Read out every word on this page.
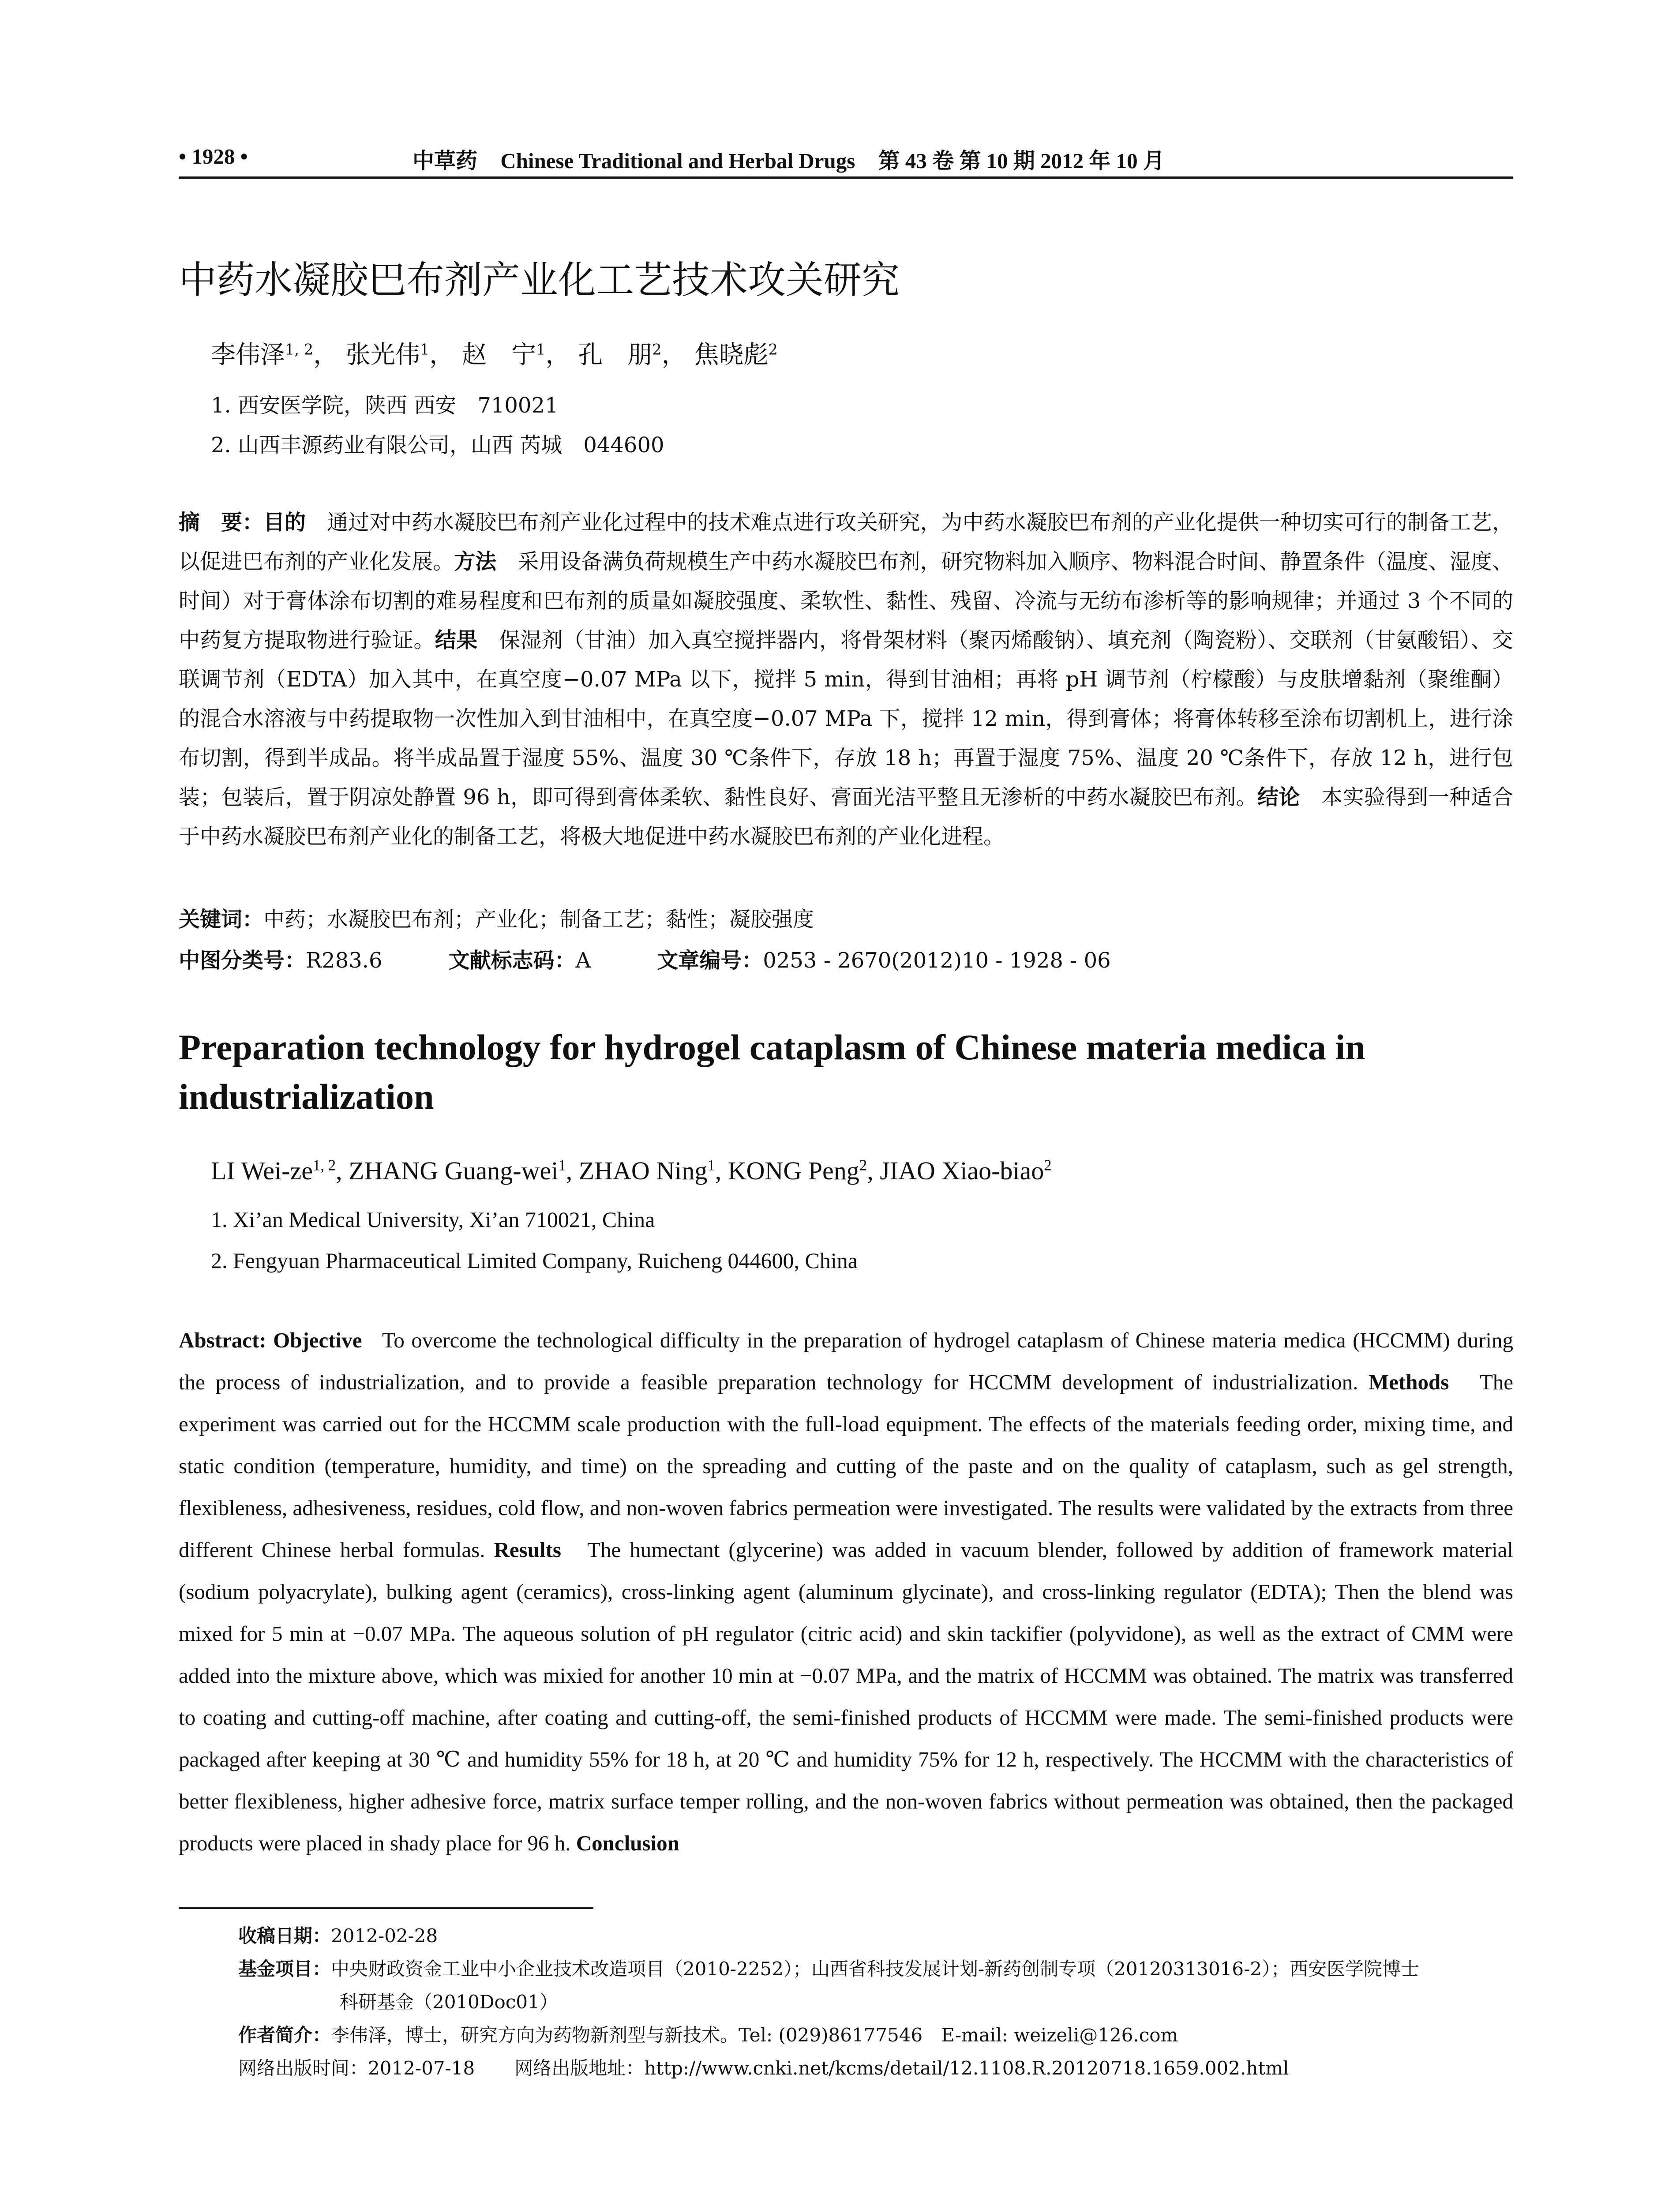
• 1928 •	中草药 Chinese Traditional and Herbal Drugs 第 43 卷 第 10 期 2012 年 10 月
中药水凝胶巴布剂产业化工艺技术攻关研究
李伟泽$^{1, 2}$， 张光伟$^1$， 赵　宁$^1$， 孔　朋$^2$， 焦晓彪$^2$
1. 西安医学院，陕西 西安　710021
2. 山西丰源药业有限公司，山西 芮城　044600
摘　要：目的　 通过对中药水凝胶巴布剂产业化过程中的技术难点进行攻关研究，为中药水凝胶巴布剂的产业化提供一种切实可行的制备工艺，以促进巴布剂的产业化发展。方法　 采用设备满负荷规模生产中药水凝胶巴布剂，研究物料加入顺序、物料混合时间、静置条件（温度、湿度、时间）对于膏体涂布切割的难易程度和巴布剂的质量如凝胶强度、柔软性、黏性、残留、冷流与无纺布渗析等的影响规律；并通过 3 个不同的中药复方提取物进行验证。结果　 保湿剂（甘油）加入真空搅拌器内，将骨架材料（聚丙烯酸钠）、填充剂（陶瓷粉）、交联剂（甘氨酸铝）、交联调节剂（EDTA）加入其中，在真空度−0.07 MPa 以下，搅拌 5 min，得到甘油相；再将 pH 调节剂（柠檬酸）与皮肤增黏剂（聚维酮）的混合水溶液与中药提取物一次性加入到甘油相中，在真空度−0.07 MPa 下，搅拌 12 min，得到膏体；将膏体转移至涂布切割机上，进行涂布切割，得到半成品。将半成品置于湿度 55%、温度 30 ℃条件下，存放 18 h；再置于湿度 75%、温度 20 ℃条件下，存放 12 h，进行包装；包装后，置于阴凉处静置 96 h，即可得到膏体柔软、黏性良好、膏面光洁平整且无渗析的中药水凝胶巴布剂。结论　 本实验得到一种适合于中药水凝胶巴布剂产业化的制备工艺，将极大地促进中药水凝胶巴布剂的产业化进程。
关键词：中药；水凝胶巴布剂；产业化；制备工艺；黏性；凝胶强度
中图分类号：R283.6	文献标志码：A	文章编号：0253 - 2670(2012)10 - 1928 - 06
Preparation technology for hydrogel cataplasm of Chinese materia medica in industrialization
LI Wei-ze$^{1, 2}$, ZHANG Guang-wei$^1$, ZHAO Ning$^1$, KONG Peng$^2$, JIAO Xiao-biao$^2$
1. Xi’an Medical University, Xi’an 710021, China
2. Fengyuan Pharmaceutical Limited Company, Ruicheng 044600, China
Abstract: Objective To overcome the technological difficulty in the preparation of hydrogel cataplasm of Chinese materia medica (HCCMM) during the process of industrialization, and to provide a feasible preparation technology for HCCMM development of industrialization. Methods The experiment was carried out for the HCCMM scale production with the full-load equipment. The effects of the materials feeding order, mixing time, and static condition (temperature, humidity, and time) on the spreading and cutting of the paste and on the quality of cataplasm, such as gel strength, flexibleness, adhesiveness, residues, cold flow, and non-woven fabrics permeation were investigated. The results were validated by the extracts from three different Chinese herbal formulas. Results The humectant (glycerine) was added in vacuum blender, followed by addition of framework material (sodium polyacrylate), bulking agent (ceramics), cross-linking agent (aluminum glycinate), and cross-linking regulator (EDTA); Then the blend was mixed for 5 min at −0.07 MPa. The aqueous solution of pH regulator (citric acid) and skin tackifier (polyvidone), as well as the extract of CMM were added into the mixture above, which was mixied for another 10 min at −0.07 MPa, and the matrix of HCCMM was obtained. The matrix was transferred to coating and cutting-off machine, after coating and cutting-off, the semi-finished products of HCCMM were made. The semi-finished products were packaged after keeping at 30 ℃ and humidity 55% for 18 h, at 20 ℃ and humidity 75% for 12 h, respectively. The HCCMM with the characteristics of better flexibleness, higher adhesive force, matrix surface temper rolling, and the non-woven fabrics without permeation was obtained, then the packaged products were placed in shady place for 96 h. Conclusion
收稿日期：2012-02-28
基金项目：中央财政资金工业中小企业技术改造项目（2010-2252）；山西省科技发展计划-新药创制专项（20120313016-2）；西安医学院博士
科研基金（2010Doc01）
作者简介：李伟泽，博士，研究方向为药物新剂型与新技术。Tel: (029)86177546　E-mail: weizeli@126.com
网络出版时间：2012-07-18 网络出版地址：http://www.cnki.net/kcms/detail/12.1108.R.20120718.1659.002.html
